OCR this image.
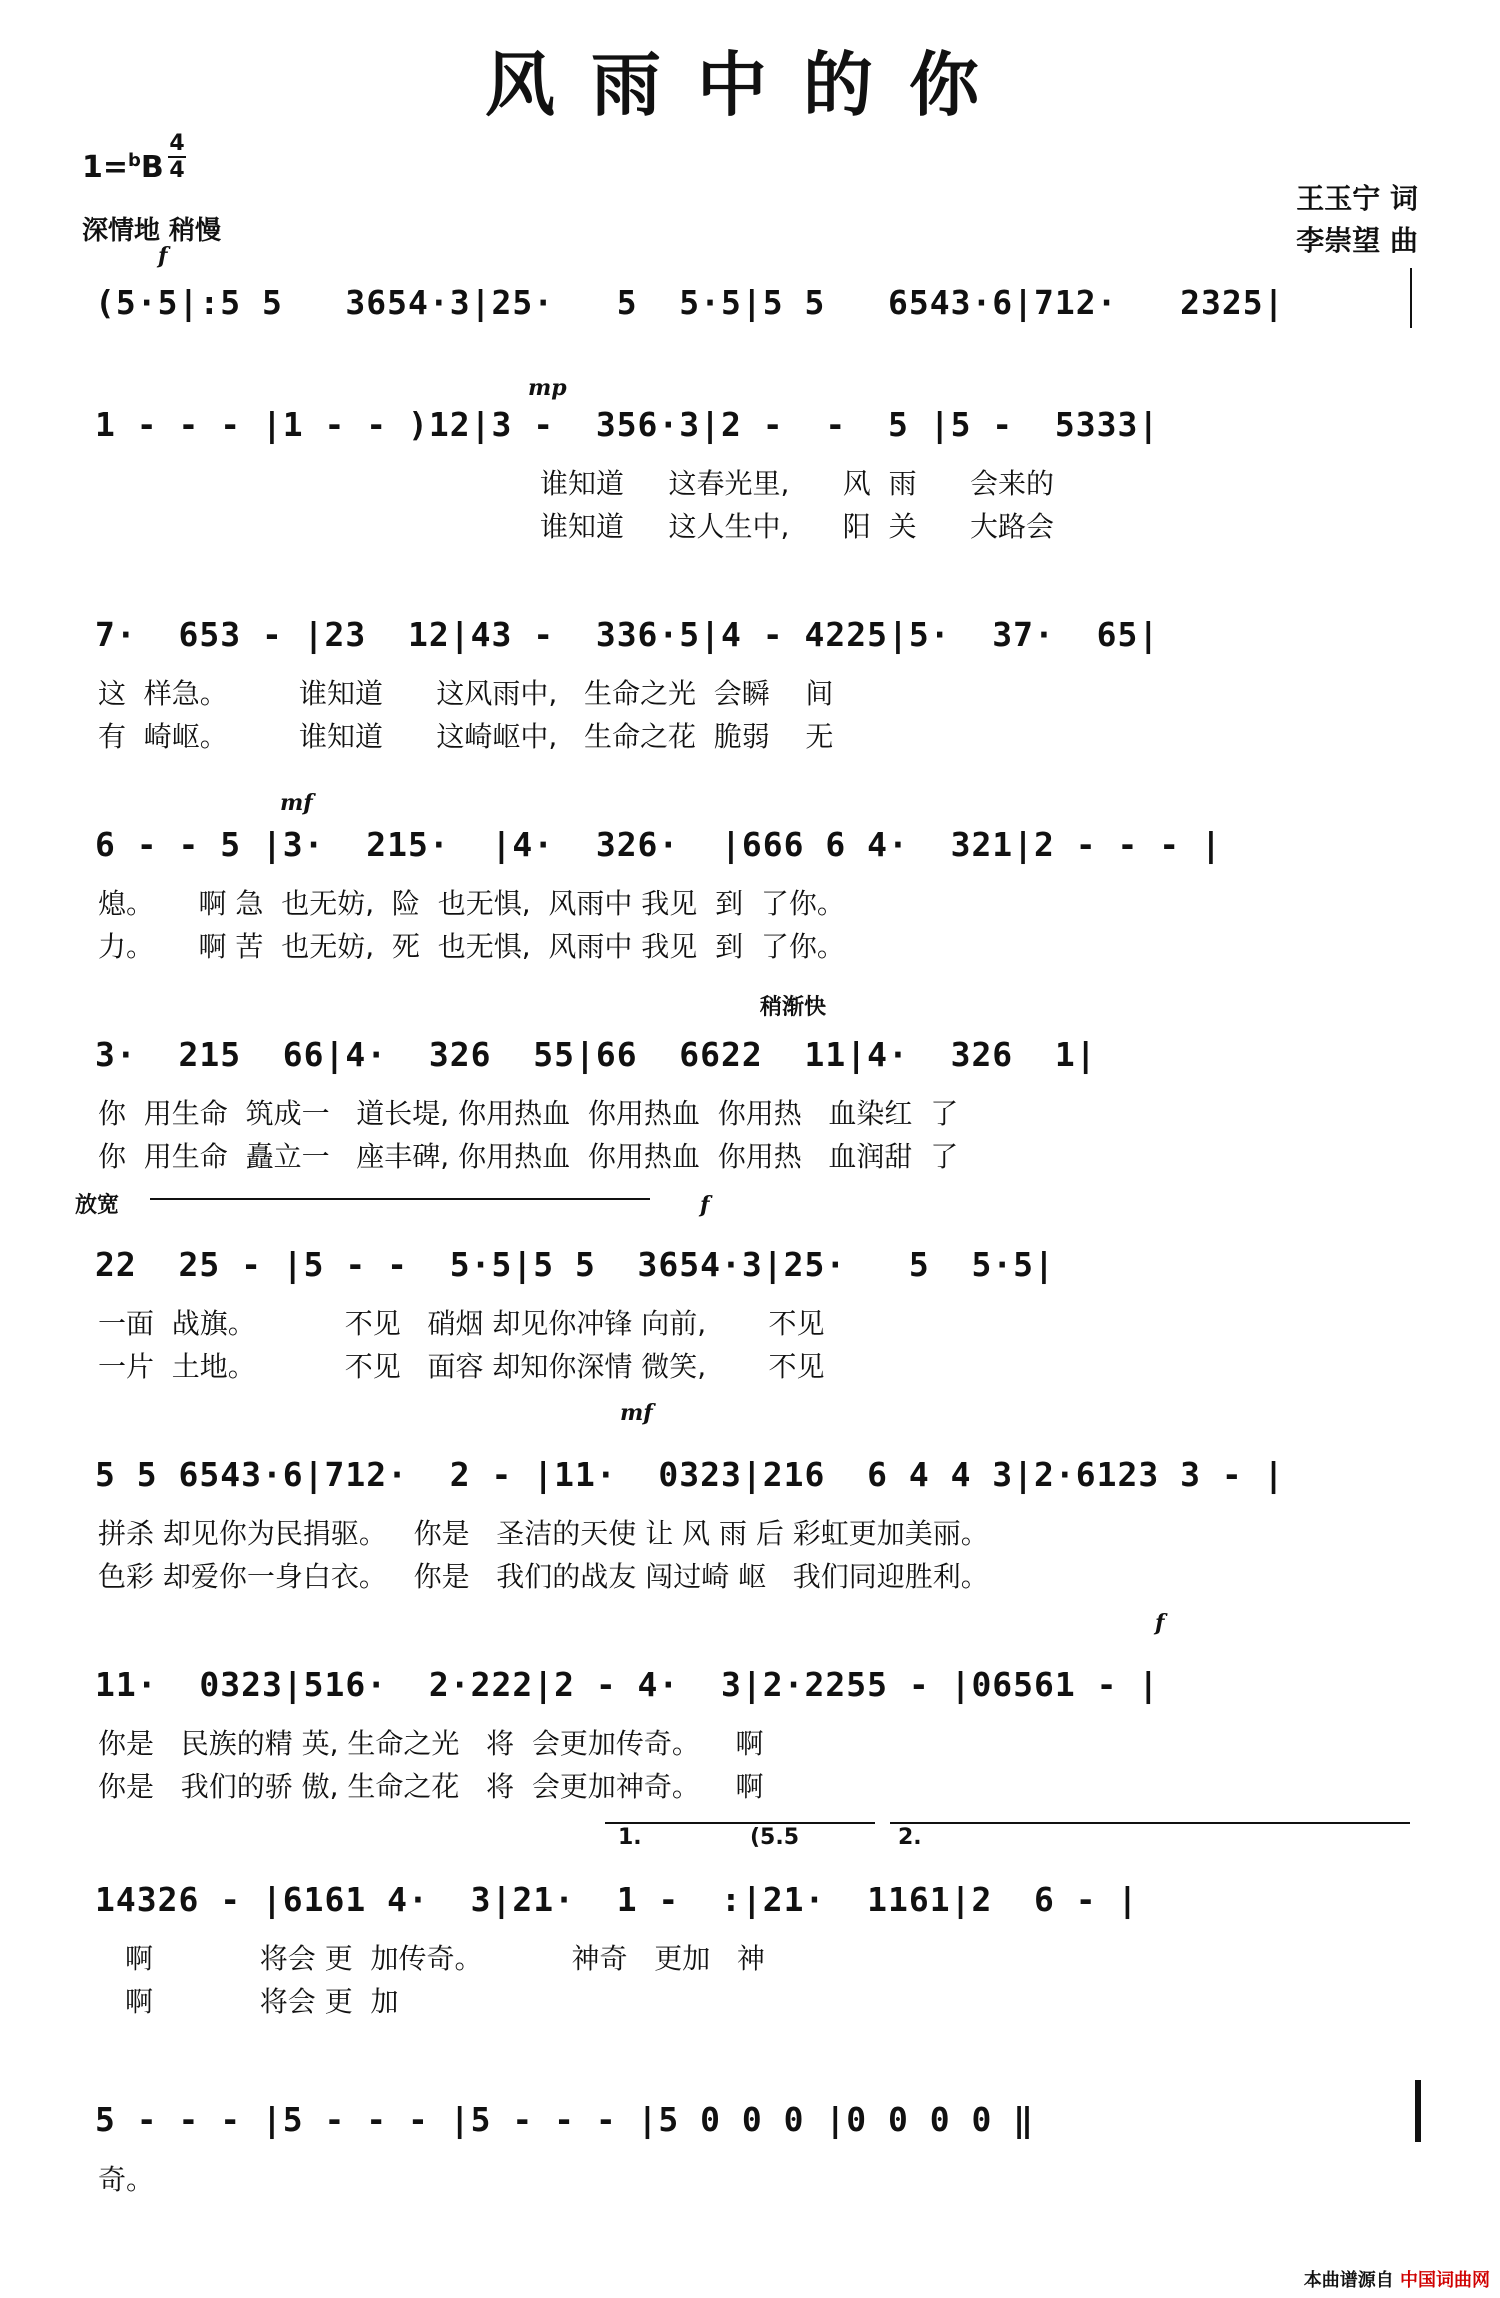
风雨中的你
1=$^b$B
4
4
深情地 稍慢
王玉宁 词
李崇望 曲
f
(5·5|:5 5   3654·3|25·   5  5·5|5 5   6543·6|712·   2325|
mp
1 - - - |1 - - )12|3 -  356·3|2 -  -  5 |5 -  5333|
谁知道     这春光里,      风  雨      会来的
谁知道     这人生中,      阳  关      大路会
7·  653 - |23  12|43 -  336·5|4 - 4225|5·  37·  65|
这  样急。        谁知道      这风雨中,   生命之光  会瞬    间
有  崎岖。        谁知道      这崎岖中,   生命之花  脆弱    无
mf
6 - - 5 |3·  215·  |4·  326·  |666 6 4·  321|2 - - - |
熄。     啊 急  也无妨,  险  也无惧,  风雨中 我见  到  了你。
力。     啊 苦  也无妨,  死  也无惧,  风雨中 我见  到  了你。
稍渐快
3·  215  66|4·  326  55|66  6622  11|4·  326  1|
你  用生命  筑成一   道长堤, 你用热血  你用热血  你用热   血染红  了
你  用生命  矗立一   座丰碑, 你用热血  你用热血  你用热   血润甜  了
放宽	f
22  25 - |5 - -  5·5|5 5  3654·3|25·   5  5·5|
一面  战旗。          不见   硝烟 却见你冲锋 向前,       不见
一片  土地。          不见   面容 却知你深情 微笑,       不见
mf
5 5 6543·6|712·  2 - |11·  0323|216  6 4 4 3|2·6123 3 - |
拼杀 却见你为民捐驱。   你是   圣洁的天使 让 风 雨 后 彩虹更加美丽。
色彩 却爱你一身白衣。   你是   我们的战友 闯过崎 岖   我们同迎胜利。
f
11·  0323|516·  2·222|2 - 4·  3|2·2255 - |06561 - |
你是   民族的精 英, 生命之光   将  会更加传奇。    啊
你是   我们的骄 傲, 生命之花   将  会更加神奇。    啊
1.	(5.5	2.
14326 - |6161 4·  3|21·  1 -  :|21·  1161|2  6 - |
啊            将会 更  加传奇。          神奇   更加   神
啊            将会 更  加
5 - - - |5 - - - |5 - - - |5 0 0 0 |0 0 0 0 ‖
奇。
本曲谱源自 中国词曲网
